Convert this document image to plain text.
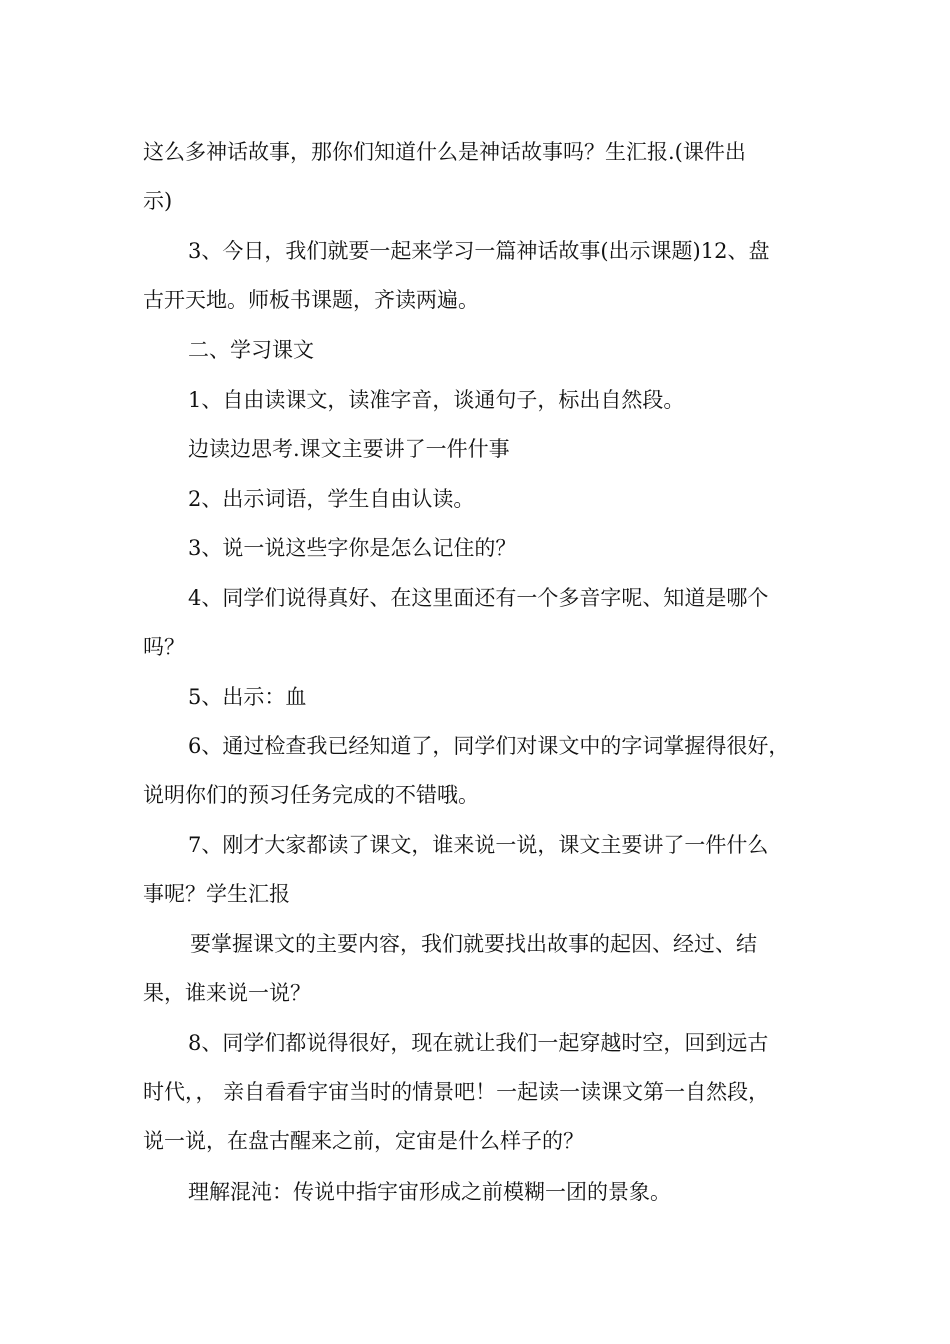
这么多神话故事，那你们知道什么是神话故事吗？生汇报.(课件出
示)
3、今日，我们就要一起来学习一篇神话故事(出示课题)12、盘
古开天地。师板书课题，齐读两遍。
二、学习课文
1、自由读课文，读准字音，谈通句子，标出自然段。
边读边思考.课文主要讲了一件什事
2、出示词语，学生自由认读。
3、说一说这些字你是怎么记住的？
4、同学们说得真好、在这里面还有一个多音字呢、知道是哪个
吗？
5、出示：血
6、通过检查我已经知道了，同学们对课文中的字词掌握得很好，
说明你们的预习任务完成的不错哦。
7、刚才大家都读了课文，谁来说一说，课文主要讲了一件什么
事呢？学生汇报
要掌握课文的主要内容，我们就要找出故事的起因、经过、结
果，谁来说一说？
8、同学们都说得很好，现在就让我们一起穿越时空，回到远古
时代，， 亲自看看宇宙当时的情景吧！一起读一读课文第一自然段，
说一说，在盘古醒来之前，定宙是什么样子的？
理解混沌：传说中指宇宙形成之前模糊一团的景象。
